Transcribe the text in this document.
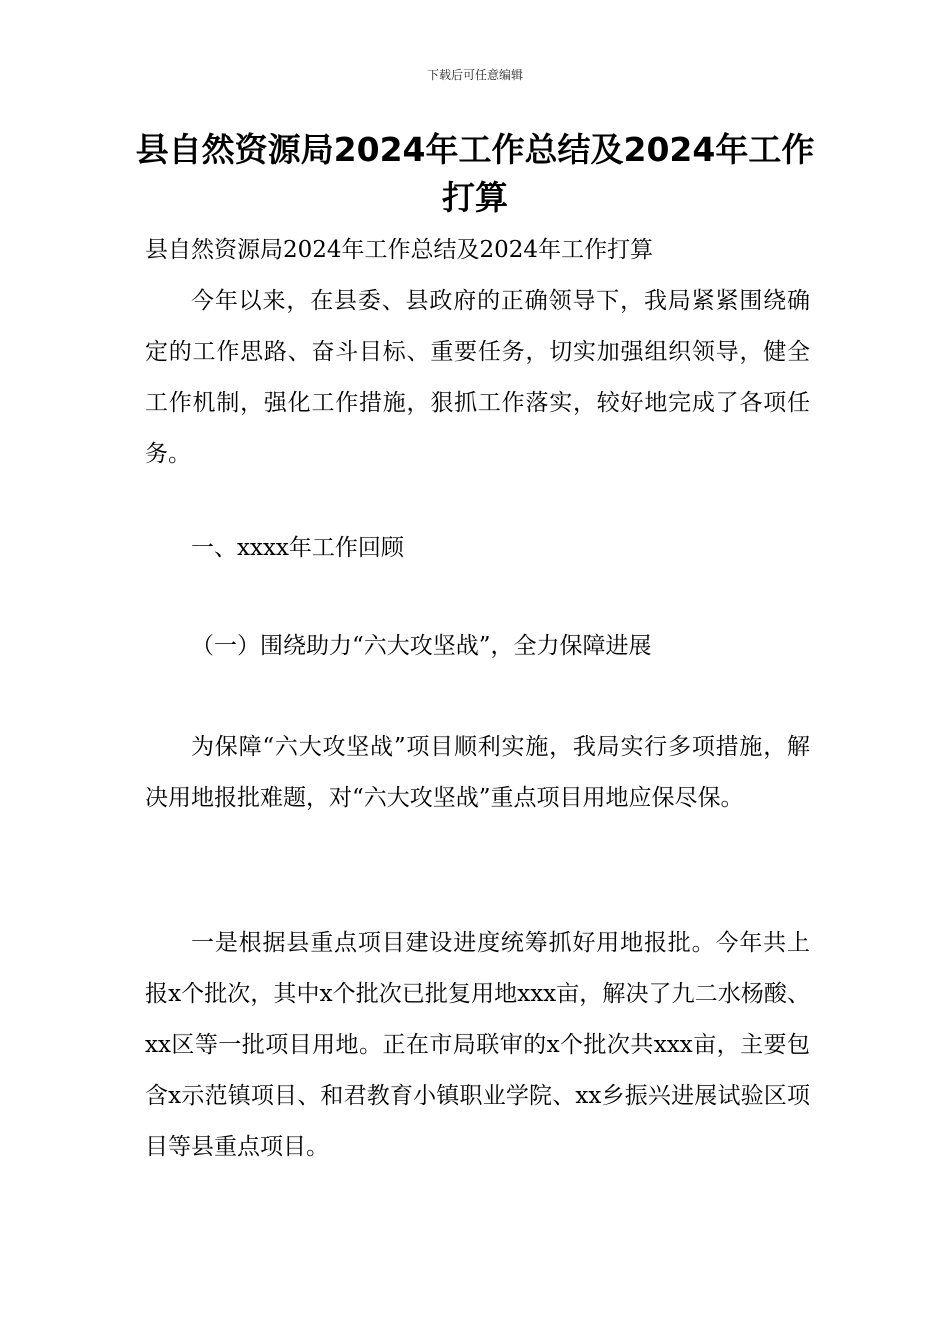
下载后可任意编辑
县自然资源局2024年工作总结及2024年工作打算

县自然资源局2024年工作总结及2024年工作打算

今年以来，在县委、县政府的正确领导下，我局紧紧围绕确定的工作思路、奋斗目标、重要任务，切实加强组织领导，健全工作机制，强化工作措施，狠抓工作落实，较好地完成了各项任务。

一、xxxx年工作回顾

（一）围绕助力“六大攻坚战”，全力保障进展

为保障“六大攻坚战”项目顺利实施，我局实行多项措施，解决用地报批难题，对“六大攻坚战”重点项目用地应保尽保。

一是根据县重点项目建设进度统筹抓好用地报批。今年共上报x个批次，其中x个批次已批复用地xxx亩，解决了九二水杨酸、xx区等一批项目用地。正在市局联审的x个批次共xxx亩，主要包含x示范镇项目、和君教育小镇职业学院、xx乡振兴进展试验区项目等县重点项目。
